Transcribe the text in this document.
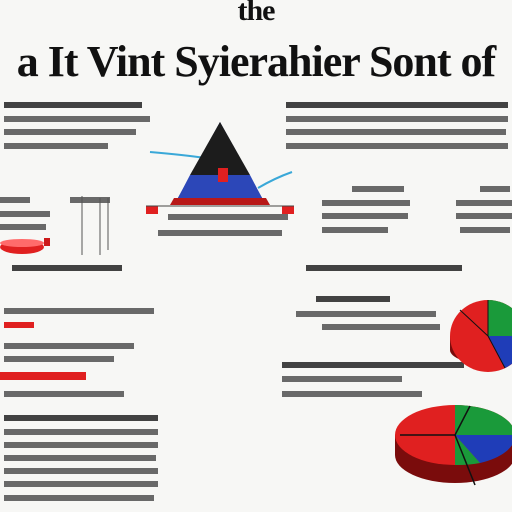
the
a It Vint Syierahier Sont of
